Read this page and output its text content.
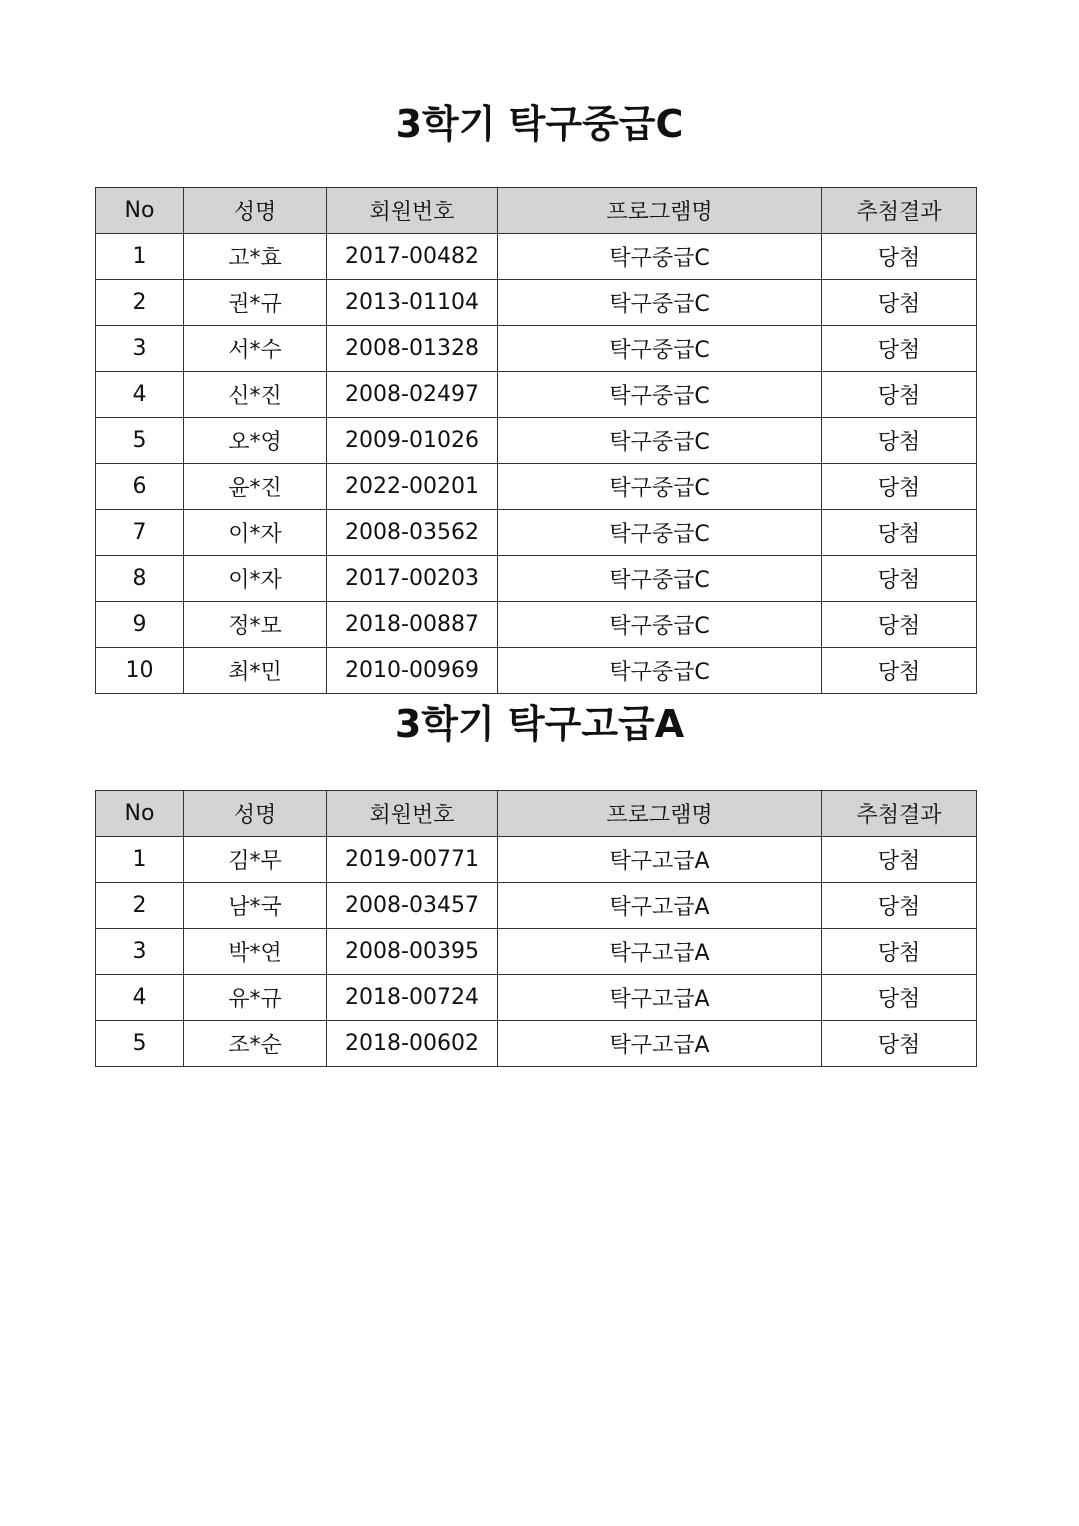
3학기 탁구중급C
No	성명	회원번호	프로그램명	추첨결과
1	고*효	2017-00482	탁구중급C	당첨
2	권*규	2013-01104	탁구중급C	당첨
3	서*수	2008-01328	탁구중급C	당첨
4	신*진	2008-02497	탁구중급C	당첨
5	오*영	2009-01026	탁구중급C	당첨
6	윤*진	2022-00201	탁구중급C	당첨
7	이*자	2008-03562	탁구중급C	당첨
8	이*자	2017-00203	탁구중급C	당첨
9	정*모	2018-00887	탁구중급C	당첨
10	최*민	2010-00969	탁구중급C	당첨
3학기 탁구고급A
No	성명	회원번호	프로그램명	추첨결과
1	김*무	2019-00771	탁구고급A	당첨
2	남*국	2008-03457	탁구고급A	당첨
3	박*연	2008-00395	탁구고급A	당첨
4	유*규	2018-00724	탁구고급A	당첨
5	조*순	2018-00602	탁구고급A	당첨
